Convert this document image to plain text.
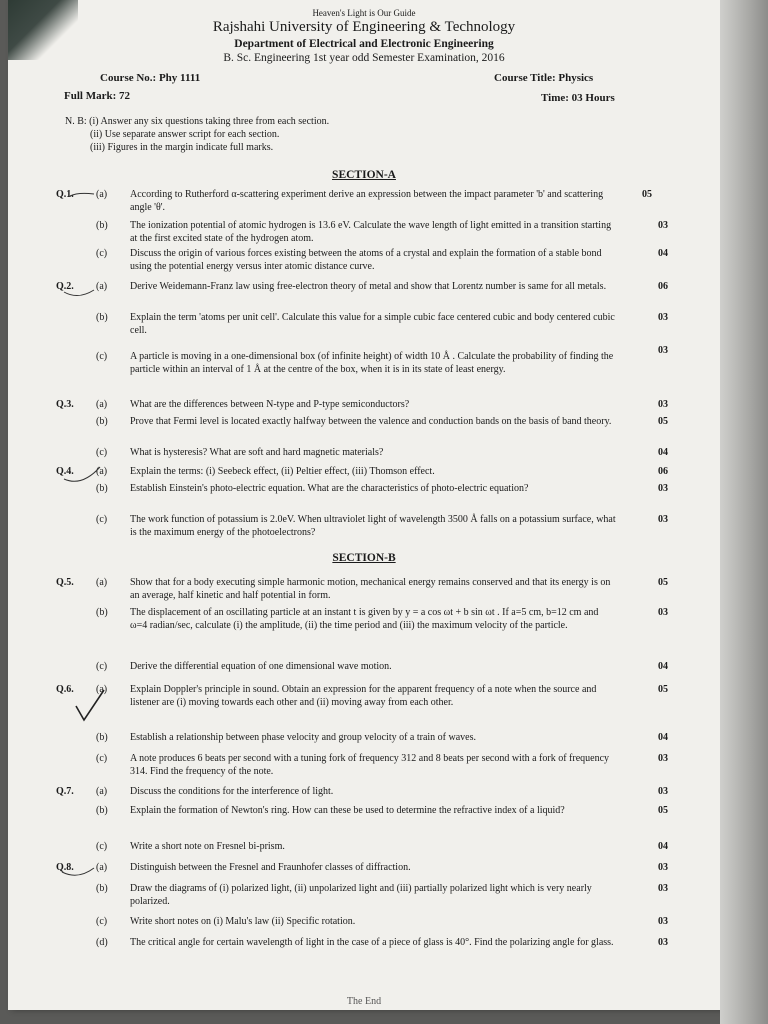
Heaven's Light is Our Guide
Rajshahi University of Engineering & Technology
Department of Electrical and Electronic Engineering
B. Sc. Engineering 1st year odd Semester Examination, 2016
Course No.: Phy 1111	Course Title: Physics
Full Mark: 72	Time: 03 Hours
N. B: (i) Answer any six questions taking three from each section.
(ii) Use separate answer script for each section.
(iii) Figures in the margin indicate full marks.
SECTION-A
Q.1. (a) According to Rutherford α-scattering experiment derive an expression between the impact parameter 'b' and scattering angle 'θ'.
05
(b) The ionization potential of atomic hydrogen is 13.6 eV. Calculate the wave length of light emitted in a transition starting at the first excited state of the hydrogen atom.
03
(c) Discuss the origin of various forces existing between the atoms of a crystal and explain the formation of a stable bond using the potential energy versus inter atomic distance curve.
04
Q.2. (a) Derive Weidemann-Franz law using free-electron theory of metal and show that Lorentz number is same for all metals.	06
(b) Explain the term 'atoms per unit cell'. Calculate this value for a simple cubic face centered cubic and body centered cubic cell.
03
(c) A particle is moving in a one-dimensional box (of infinite height) of width 10 Å . Calculate the probability of finding the particle within an interval of 1 Å at the centre of the box, when it is in its state of least energy.
03
Q.3. (a) What are the differences between N-type and P-type semiconductors?	03
(b) Prove that Fermi level is located exactly halfway between the valence and conduction bands on the basis of band theory.	05
(c) What is hysteresis? What are soft and hard magnetic materials?	04
Q.4. (a) Explain the terms: (i) Seebeck effect, (ii) Peltier effect, (iii) Thomson effect.	06
(b) Establish Einstein's photo-electric equation. What are the characteristics of photo-electric equation?	03
(c) The work function of potassium is 2.0eV. When ultraviolet light of wavelength 3500 Å falls on a potassium surface, what is the maximum energy of the photoelectrons?
03
SECTION-B
Q.5. (a) Show that for a body executing simple harmonic motion, mechanical energy remains conserved and that its energy is on an average, half kinetic and half potential in form.
05
(b) The displacement of an oscillating particle at an instant t is given by y = a cos ωt + b sin ωt . If a=5 cm, b=12 cm and ω=4 radian/sec, calculate (i) the amplitude, (ii) the time period and (iii) the maximum velocity of the particle.
03
(c) Derive the differential equation of one dimensional wave motion.	04
Q.6. (a) Explain Doppler's principle in sound. Obtain an expression for the apparent frequency of a note when the source and listener are (i) moving towards each other and (ii) moving away from each other.
05
(b) Establish a relationship between phase velocity and group velocity of a train of waves.	04
(c) A note produces 6 beats per second with a tuning fork of frequency 312 and 8 beats per second with a fork of frequency 314. Find the frequency of the note.
03
Q.7. (a) Discuss the conditions for the interference of light.	03
(b) Explain the formation of Newton's ring. How can these be used to determine the refractive index of a liquid?	05
(c) Write a short note on Fresnel bi-prism.	04
Q.8. (a) Distinguish between the Fresnel and Fraunhofer classes of diffraction.	03
(b) Draw the diagrams of (i) polarized light, (ii) unpolarized light and (iii) partially polarized light which is very nearly polarized.
03
(c) Write short notes on (i) Malu's law (ii) Specific rotation.	03
(d) The critical angle for certain wavelength of light in the case of a piece of glass is 40°. Find the polarizing angle for glass.	03
The End
